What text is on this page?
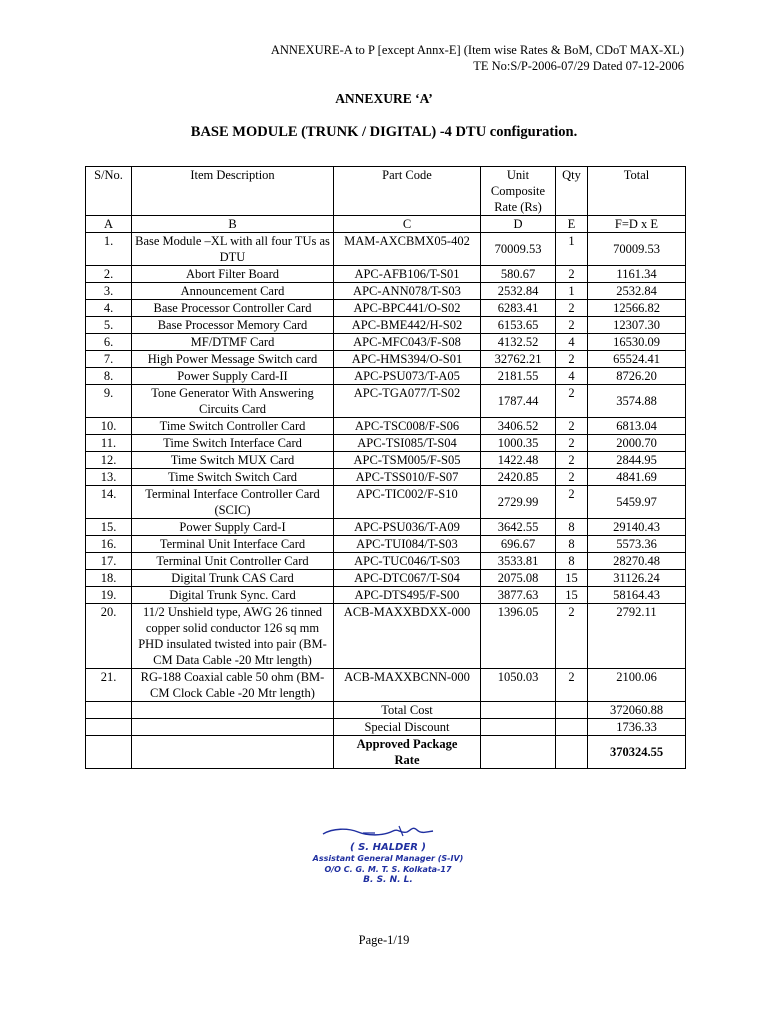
ANNEXURE-A to P [except Annx-E] (Item wise Rates & BoM, CDoT MAX-XL)
TE No:S/P-2006-07/29 Dated 07-12-2006
ANNEXURE ‘A’
BASE MODULE (TRUNK / DIGITAL) -4 DTU configuration.
S/No.	Item Description	Part Code	Unit Composite Rate (Rs)	Qty	Total
A	B	C	D	E	F=D x E
1.	Base Module –XL with all four TUs as DTU	MAM-AXCBMX05-402	70009.53	1	70009.53
2.	Abort Filter Board	APC-AFB106/T-S01	580.67	2	1161.34
3.	Announcement Card	APC-ANN078/T-S03	2532.84	1	2532.84
4.	Base Processor Controller Card	APC-BPC441/O-S02	6283.41	2	12566.82
5.	Base Processor Memory Card	APC-BME442/H-S02	6153.65	2	12307.30
6.	MF/DTMF Card	APC-MFC043/F-S08	4132.52	4	16530.09
7.	High Power Message Switch card	APC-HMS394/O-S01	32762.21	2	65524.41
8.	Power Supply Card-II	APC-PSU073/T-A05	2181.55	4	8726.20
9.	Tone Generator With Answering Circuits Card	APC-TGA077/T-S02	1787.44	2	3574.88
10.	Time Switch Controller Card	APC-TSC008/F-S06	3406.52	2	6813.04
11.	Time Switch Interface Card	APC-TSI085/T-S04	1000.35	2	2000.70
12.	Time Switch MUX Card	APC-TSM005/F-S05	1422.48	2	2844.95
13.	Time Switch Switch Card	APC-TSS010/F-S07	2420.85	2	4841.69
14.	Terminal Interface Controller Card (SCIC)	APC-TIC002/F-S10	2729.99	2	5459.97
15.	Power Supply Card-I	APC-PSU036/T-A09	3642.55	8	29140.43
16.	Terminal Unit Interface Card	APC-TUI084/T-S03	696.67	8	5573.36
17.	Terminal Unit Controller Card	APC-TUC046/T-S03	3533.81	8	28270.48
18.	Digital Trunk CAS Card	APC-DTC067/T-S04	2075.08	15	31126.24
19.	Digital Trunk Sync. Card	APC-DTS495/F-S00	3877.63	15	58164.43
20.	11/2 Unshield type, AWG 26 tinned copper solid conductor 126 sq mm PHD insulated twisted into pair (BM-CM Data Cable -20 Mtr length)	ACB-MAXXBDXX-000	1396.05	2	2792.11
21.	RG-188 Coaxial cable 50 ohm (BM-CM Clock Cable -20 Mtr length)	ACB-MAXXBCNN-000	1050.03	2	2100.06
		Total Cost			372060.88
		Special Discount			1736.33
		Approved Package Rate			370324.55
( S. HALDER )
Assistant General Manager (S-IV)
O/O C. G. M. T. S. Kolkata-17
B. S. N. L.
Page-1/19
